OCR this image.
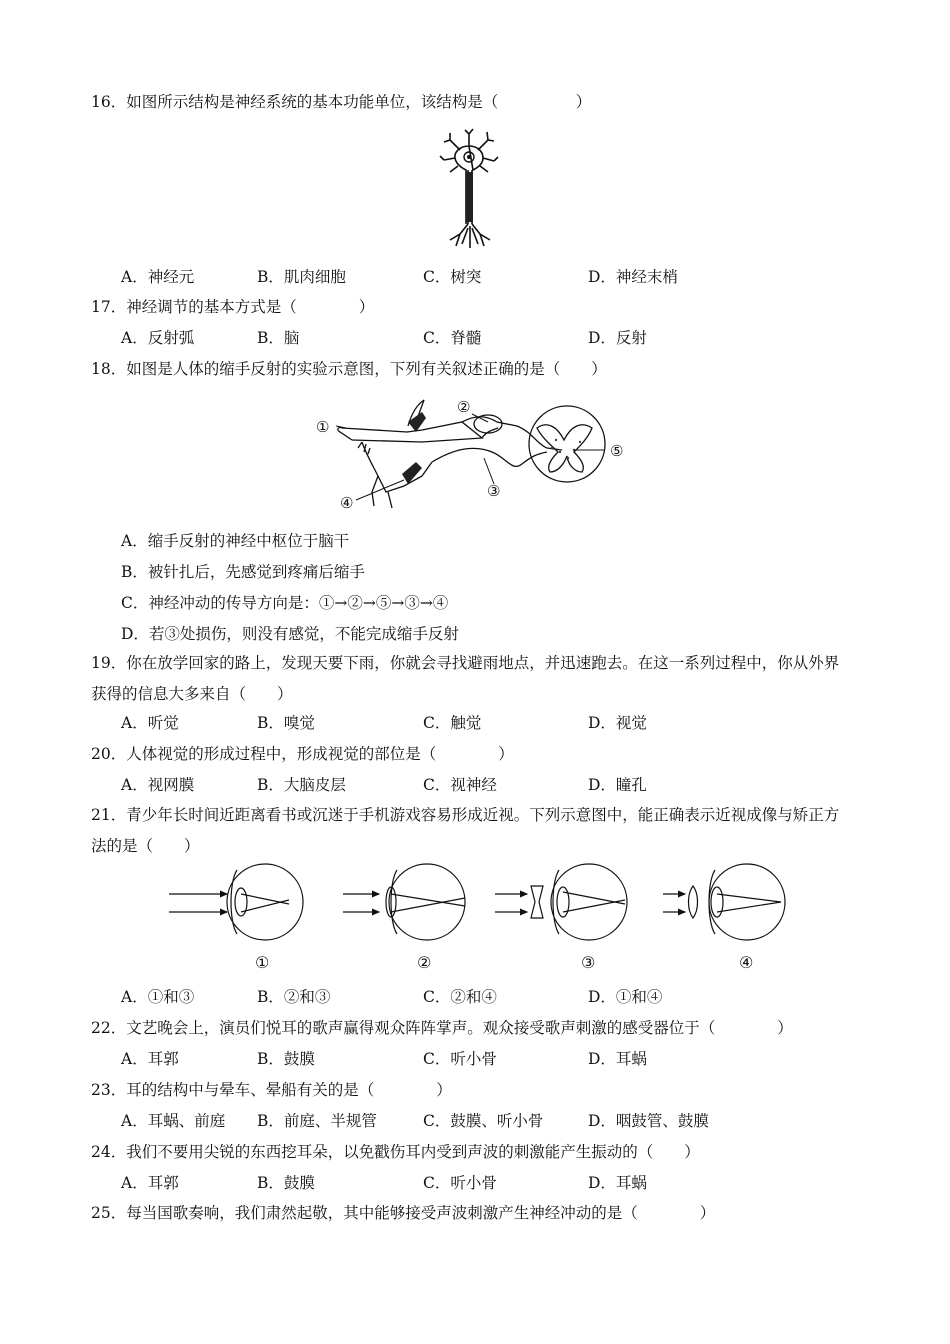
16．如图所示结构是神经系统的基本功能单位，该结构是（　　　　　）
A．神经元	B．肌肉细胞	C．树突	D．神经末梢
17．神经调节的基本方式是（　　　　）
A．反射弧	B．脑	C．脊髓	D．反射
18．如图是人体的缩手反射的实验示意图，下列有关叙述正确的是（　　）
①
②
③
④
⑤
A．缩手反射的神经中枢位于脑干
B．被针扎后，先感觉到疼痛后缩手
C．神经冲动的传导方向是：①→②→⑤→③→④
D．若③处损伤，则没有感觉，不能完成缩手反射
19．你在放学回家的路上，发现天要下雨，你就会寻找避雨地点，并迅速跑去。在这一系列过程中，你从外界获得的信息大多来自（　　）
A．听觉	B．嗅觉	C．触觉	D．视觉
20．人体视觉的形成过程中，形成视觉的部位是（　　　　）
A．视网膜	B．大脑皮层	C．视神经	D．瞳孔
21．青少年长时间近距离看书或沉迷于手机游戏容易形成近视。下列示意图中，能正确表示近视成像与矫正方法的是（　　）
①	②	③	④
A．①和③	B．②和③	C．②和④	D．①和④
22．文艺晚会上，演员们悦耳的歌声赢得观众阵阵掌声。观众接受歌声刺激的感受器位于（　　　　）
A．耳郭	B．鼓膜	C．听小骨	D．耳蜗
23．耳的结构中与晕车、晕船有关的是（　　　　）
A．耳蜗、前庭 B．前庭、半规管	C．鼓膜、听小骨	D．咽鼓管、鼓膜
24．我们不要用尖锐的东西挖耳朵，以免戳伤耳内受到声波的刺激能产生振动的（　　）
A．耳郭	B．鼓膜	C．听小骨	D．耳蜗
25．每当国歌奏响，我们肃然起敬，其中能够接受声波刺激产生神经冲动的是（　　　　）
